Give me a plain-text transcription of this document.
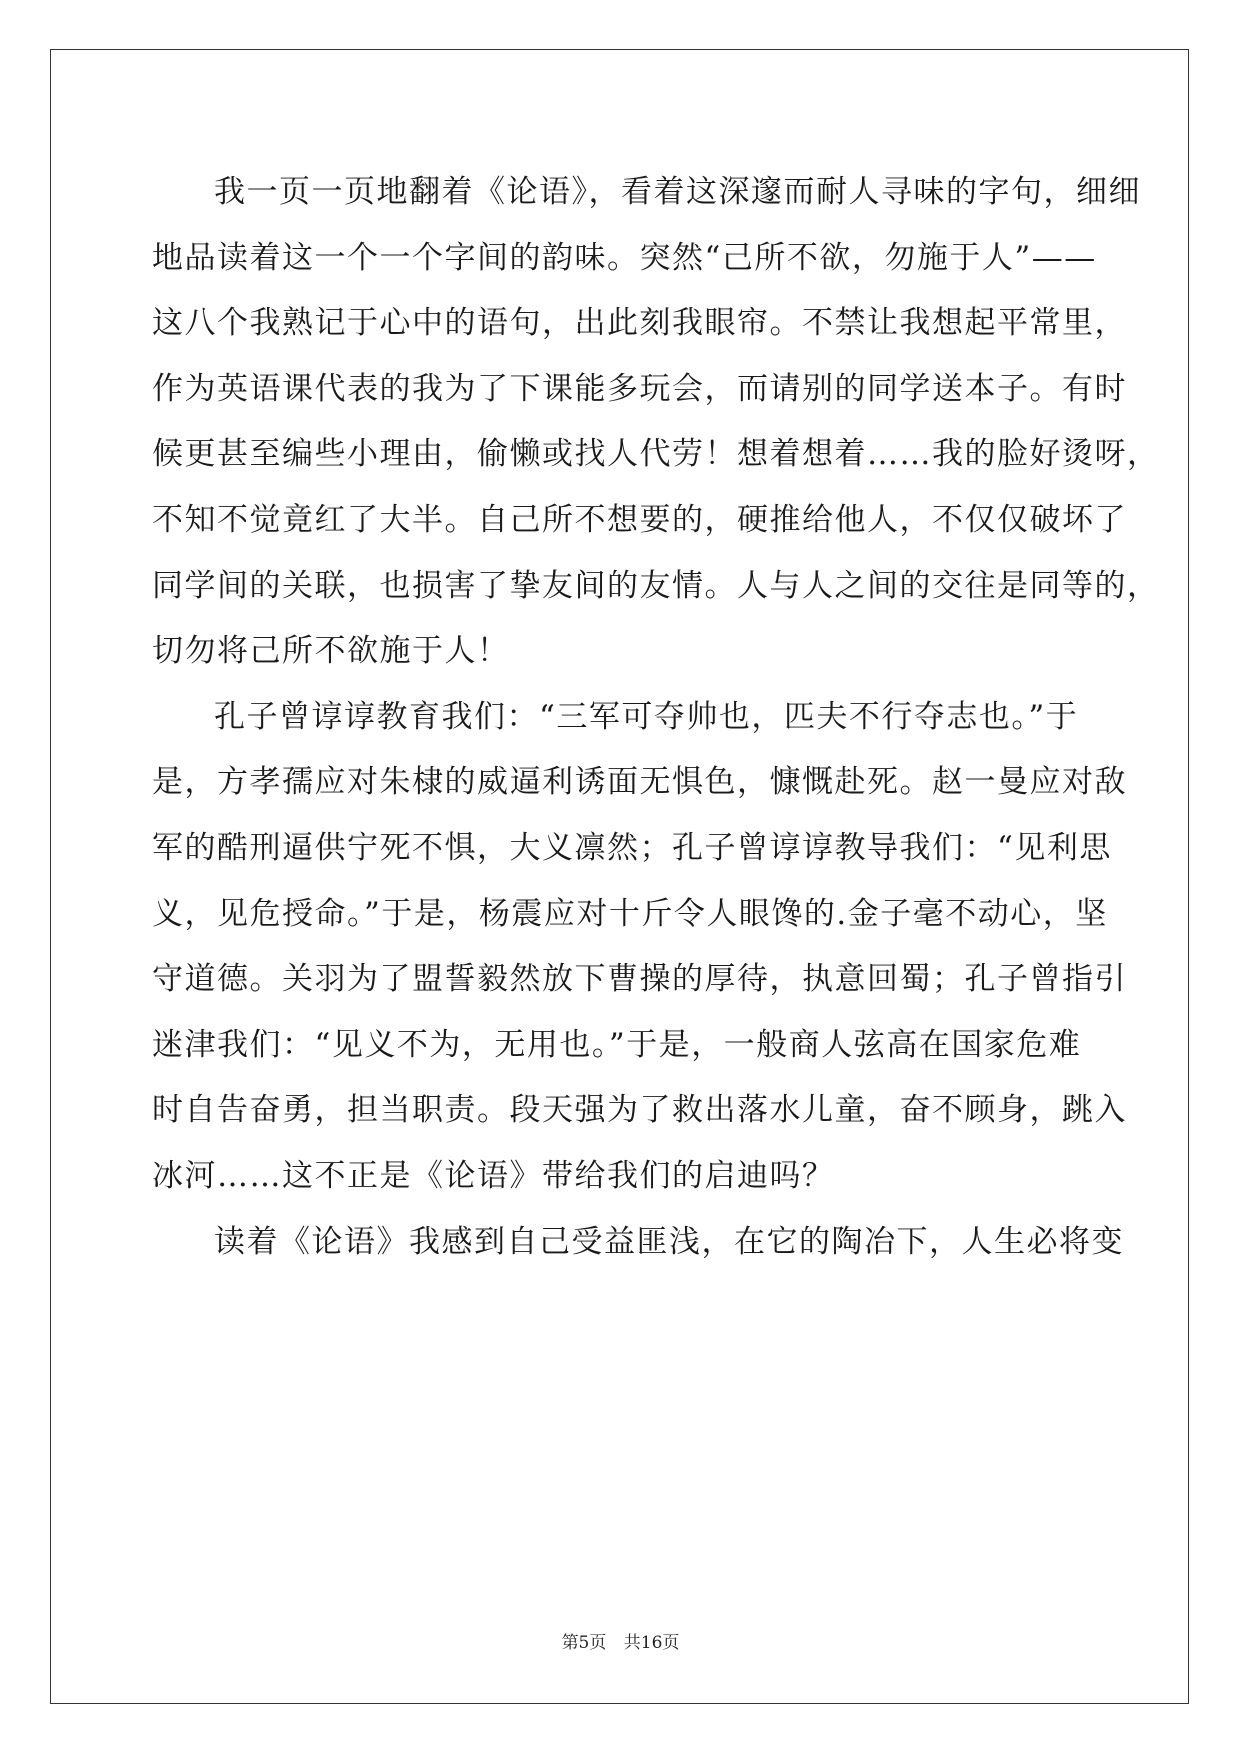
我一页一页地翻着《论语》，看着这深邃而耐人寻味的字句，细细
地品读着这一个一个字间的韵味。突然“己所不欲，勿施于人”——
这八个我熟记于心中的语句，出此刻我眼帘。不禁让我想起平常里，
作为英语课代表的我为了下课能多玩会，而请别的同学送本子。有时
候更甚至编些小理由，偷懒或找人代劳！想着想着……我的脸好烫呀，
不知不觉竟红了大半。自己所不想要的，硬推给他人，不仅仅破坏了
同学间的关联，也损害了挚友间的友情。人与人之间的交往是同等的，
切勿将己所不欲施于人！
孔子曾谆谆教育我们：“三军可夺帅也，匹夫不行夺志也。”于
是，方孝孺应对朱棣的威逼利诱面无惧色，慷慨赴死。赵一曼应对敌
军的酷刑逼供宁死不惧，大义凛然；孔子曾谆谆教导我们：“见利思
义，见危授命。”于是，杨震应对十斤令人眼馋的.金子毫不动心，坚
守道德。关羽为了盟誓毅然放下曹操的厚待，执意回蜀；孔子曾指引
迷津我们：“见义不为，无用也。”于是，一般商人弦高在国家危难
时自告奋勇，担当职责。段天强为了救出落水儿童，奋不顾身，跳入
冰河……这不正是《论语》带给我们的启迪吗？
读着《论语》我感到自己受益匪浅，在它的陶冶下，人生必将变
第5页 共16页
